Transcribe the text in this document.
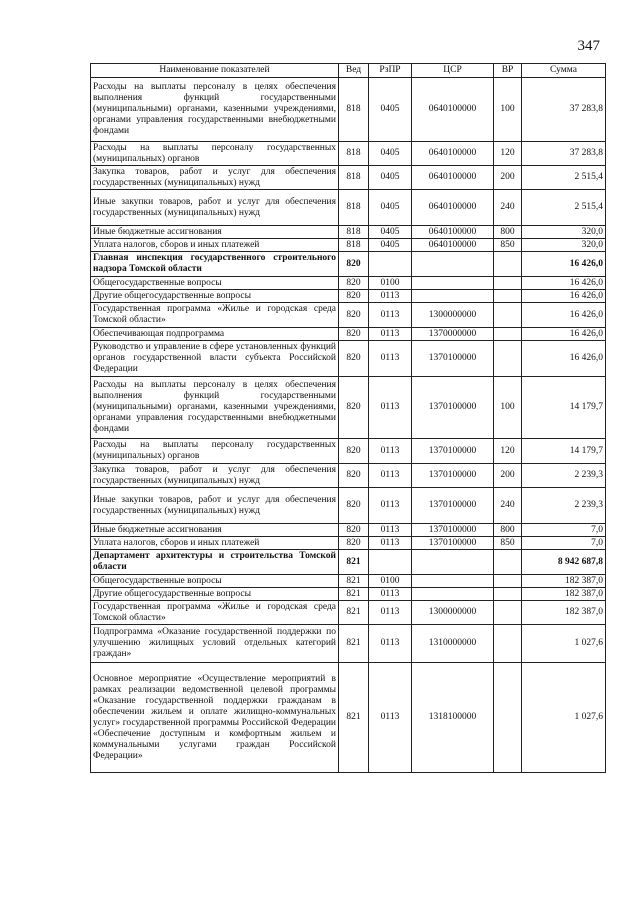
347
Наименование показателей	Вед	РзПР	ЦСР	ВР	Сумма
Расходы на выплаты персоналу в целях обеспечения выполнения функций государственными (муниципальными) органами, казенными учреждениями, органами управления государственными внебюджетными фондами	818	0405	0640100000	100	37 283,8
Расходы на выплаты персоналу государственных (муниципальных) органов	818	0405	0640100000	120	37 283,8
Закупка товаров, работ и услуг для обеспечения государственных (муниципальных) нужд	818	0405	0640100000	200	2 515,4
Иные закупки товаров, работ и услуг для обеспечения государственных (муниципальных) нужд	818	0405	0640100000	240	2 515,4
Иные бюджетные ассигнования	818	0405	0640100000	800	320,0
Уплата налогов, сборов и иных платежей	818	0405	0640100000	850	320,0
Главная инспекция государственного строительного надзора Томской области	820				16 426,0
Общегосударственные вопросы	820	0100			16 426,0
Другие общегосударственные вопросы	820	0113			16 426,0
Государственная программа «Жилье и городская среда Томской области»	820	0113	1300000000		16 426,0
Обеспечивающая подпрограмма	820	0113	1370000000		16 426,0
Руководство и управление в сфере установленных функций органов государственной власти субъекта Российской Федерации	820	0113	1370100000		16 426,0
Расходы на выплаты персоналу в целях обеспечения выполнения функций государственными (муниципальными) органами, казенными учреждениями, органами управления государственными внебюджетными фондами	820	0113	1370100000	100	14 179,7
Расходы на выплаты персоналу государственных (муниципальных) органов	820	0113	1370100000	120	14 179,7
Закупка товаров, работ и услуг для обеспечения государственных (муниципальных) нужд	820	0113	1370100000	200	2 239,3
Иные закупки товаров, работ и услуг для обеспечения государственных (муниципальных) нужд	820	0113	1370100000	240	2 239,3
Иные бюджетные ассигнования	820	0113	1370100000	800	7,0
Уплата налогов, сборов и иных платежей	820	0113	1370100000	850	7,0
Департамент архитектуры и строительства Томской области	821				8 942 687,8
Общегосударственные вопросы	821	0100			182 387,0
Другие общегосударственные вопросы	821	0113			182 387,0
Государственная программа «Жилье и городская среда Томской области»	821	0113	1300000000		182 387,0
Подпрограмма «Оказание государственной поддержки по улучшению жилищных условий отдельных категорий граждан»	821	0113	1310000000		1 027,6
Основное мероприятие «Осуществление мероприятий в рамках реализации ведомственной целевой программы «Оказание государственной поддержки гражданам в обеспечении жильем и оплате жилищно-коммунальных услуг» государственной программы Российской Федерации «Обеспечение доступным и комфортным жильем и коммунальными услугами граждан Российской Федерации»	821	0113	1318100000		1 027,6
